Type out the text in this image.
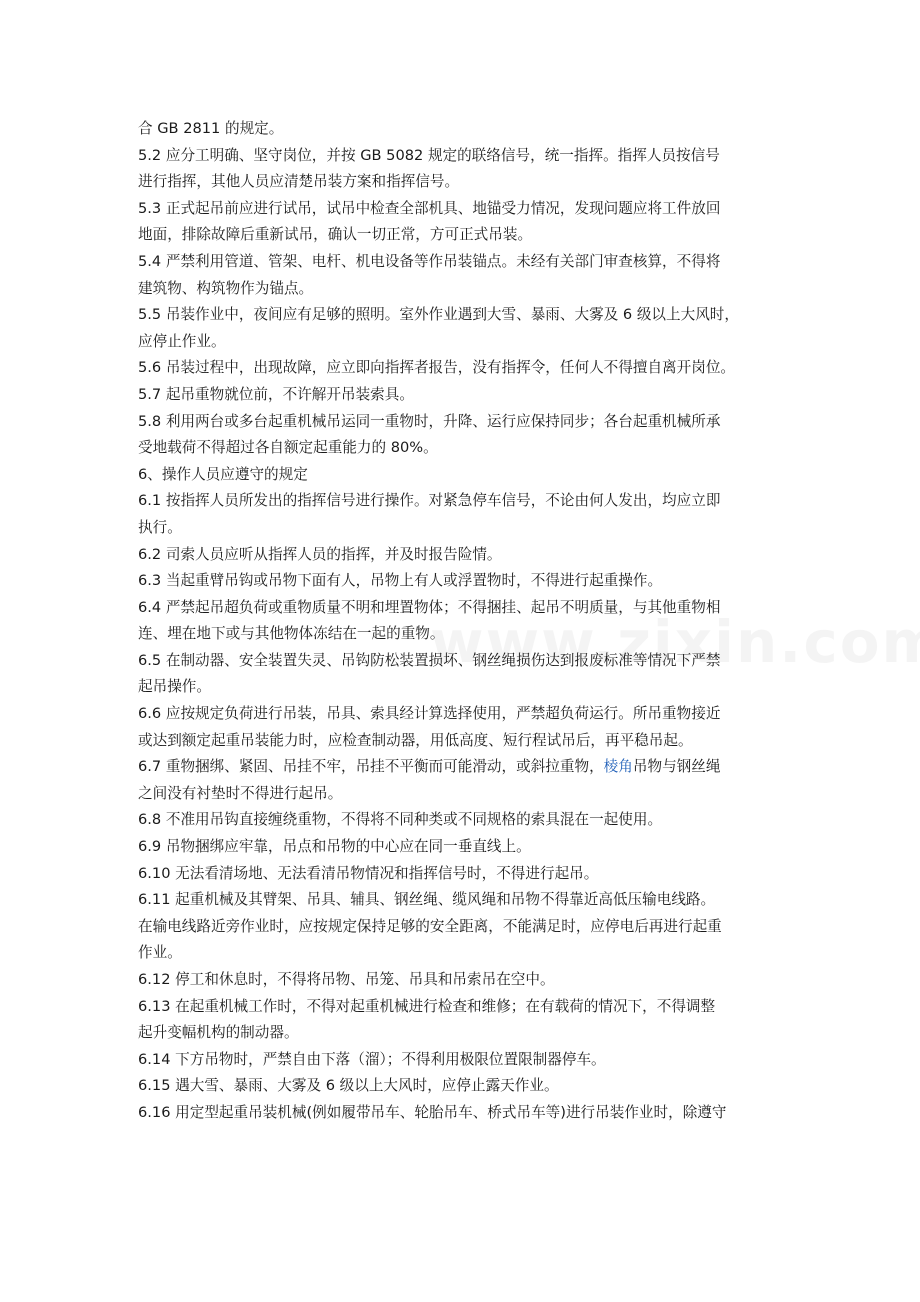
合 GB 2811 的规定。
5.2 应分工明确、坚守岗位，并按 GB 5082 规定的联络信号，统一指挥。指挥人员按信号
进行指挥，其他人员应清楚吊装方案和指挥信号。
5.3 正式起吊前应进行试吊，试吊中检查全部机具、地锚受力情况，发现问题应将工件放回
地面，排除故障后重新试吊，确认一切正常，方可正式吊装。
5.4 严禁利用管道、管架、电杆、机电设备等作吊装锚点。未经有关部门审查核算，不得将
建筑物、构筑物作为锚点。
5.5 吊装作业中，夜间应有足够的照明。室外作业遇到大雪、暴雨、大雾及 6 级以上大风时，
应停止作业。
5.6 吊装过程中，出现故障，应立即向指挥者报告，没有指挥令，任何人不得擅自离开岗位。
5.7 起吊重物就位前，不许解开吊装索具。
5.8 利用两台或多台起重机械吊运同一重物时，升降、运行应保持同步；各台起重机械所承
受地载荷不得超过各自额定起重能力的 80%。
6、操作人员应遵守的规定
6.1 按指挥人员所发出的指挥信号进行操作。对紧急停车信号，不论由何人发出，均应立即
执行。
6.2 司索人员应听从指挥人员的指挥，并及时报告险情。
6.3 当起重臂吊钩或吊物下面有人，吊物上有人或浮置物时，不得进行起重操作。
6.4 严禁起吊超负荷或重物质量不明和埋置物体；不得捆挂、起吊不明质量，与其他重物相
连、埋在地下或与其他物体冻结在一起的重物。
6.5 在制动器、安全装置失灵、吊钩防松装置损坏、钢丝绳损伤达到报废标准等情况下严禁
起吊操作。
6.6 应按规定负荷进行吊装，吊具、索具经计算选择使用，严禁超负荷运行。所吊重物接近
或达到额定起重吊装能力时，应检查制动器，用低高度、短行程试吊后，再平稳吊起。
6.7 重物捆绑、紧固、吊挂不牢，吊挂不平衡而可能滑动，或斜拉重物，棱角吊物与钢丝绳
之间没有衬垫时不得进行起吊。
6.8 不准用吊钩直接缠绕重物，不得将不同种类或不同规格的索具混在一起使用。
6.9 吊物捆绑应牢靠，吊点和吊物的中心应在同一垂直线上。
6.10 无法看清场地、无法看清吊物情况和指挥信号时，不得进行起吊。
6.11 起重机械及其臂架、吊具、辅具、钢丝绳、缆风绳和吊物不得靠近高低压输电线路。
在输电线路近旁作业时，应按规定保持足够的安全距离，不能满足时，应停电后再进行起重
作业。
6.12 停工和休息时，不得将吊物、吊笼、吊具和吊索吊在空中。
6.13 在起重机械工作时，不得对起重机械进行检查和维修；在有载荷的情况下，不得调整
起升变幅机构的制动器。
6.14 下方吊物时，严禁自由下落（溜）；不得利用极限位置限制器停车。
6.15 遇大雪、暴雨、大雾及 6 级以上大风时，应停止露天作业。
6.16 用定型起重吊装机械(例如履带吊车、轮胎吊车、桥式吊车等)进行吊装作业时，除遵守
